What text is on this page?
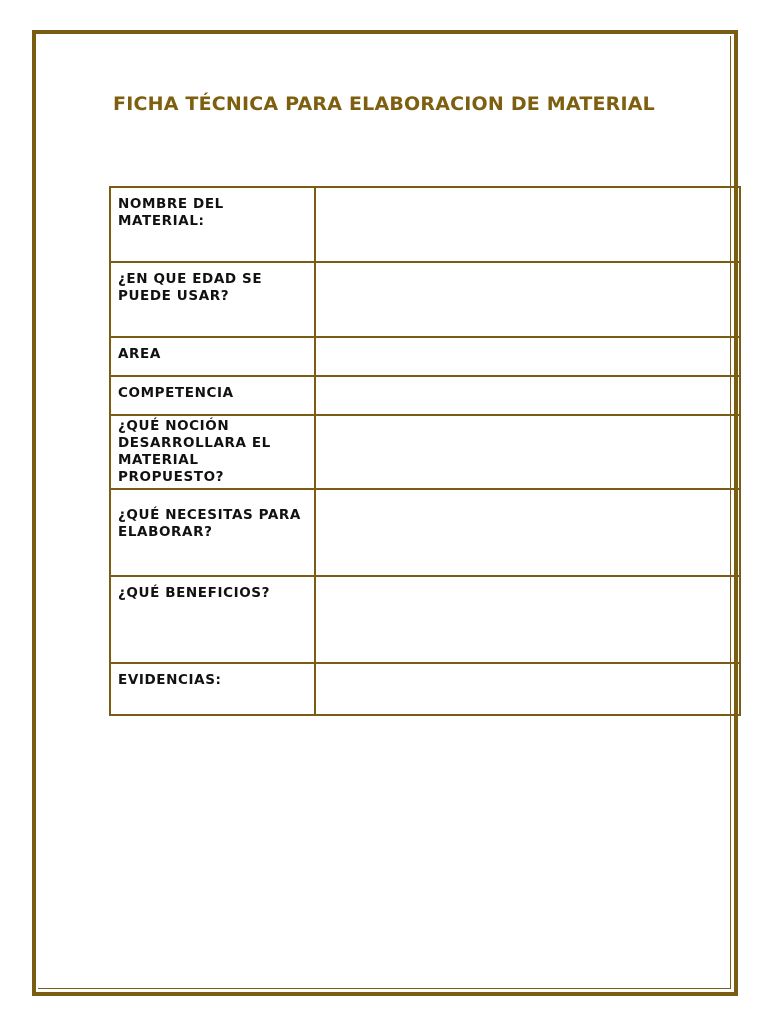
FICHA TÉCNICA PARA ELABORACION DE MATERIAL
NOMBRE DEL MATERIAL:	
¿EN QUE EDAD SE PUEDE USAR?	
AREA	
COMPETENCIA	
¿QUÉ NOCIÓN DESARROLLARA EL MATERIAL PROPUESTO?	
¿QUÉ NECESITAS PARA ELABORAR?	
¿QUÉ BENEFICIOS?	
EVIDENCIAS:	
